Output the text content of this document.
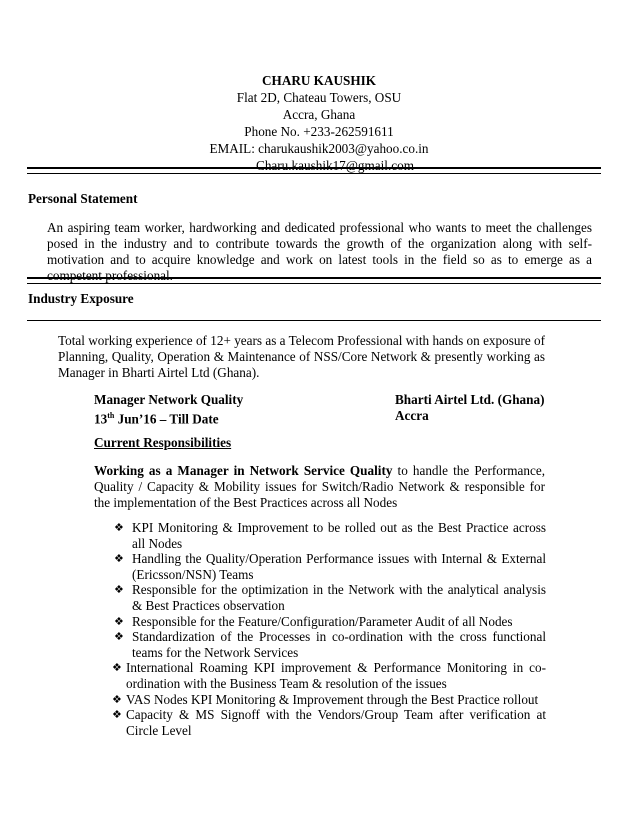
CHARU KAUSHIK
Flat 2D, Chateau Towers, OSU
Accra, Ghana
Phone No. +233-262591611
EMAIL: charukaushik2003@yahoo.co.in
Charu.kaushik17@gmail.com
Personal Statement
An aspiring team worker, hardworking and dedicated professional who wants to meet the challenges posed in the industry and to contribute towards the growth of the organization along with self-motivation and to acquire knowledge and work on latest tools in the field so as to emerge as a competent professional.
Industry Exposure
Total working experience of 12+ years as a Telecom Professional with hands on exposure of Planning, Quality, Operation & Maintenance of NSS/Core Network & presently working as Manager in Bharti Airtel Ltd (Ghana).
Manager Network Quality	Bharti Airtel Ltd. (Ghana)
13th Jun’16 – Till Date	Accra
Current Responsibilities
Working as a Manager in Network Service Quality to handle the Performance, Quality / Capacity & Mobility issues for Switch/Radio Network & responsible for the implementation of the Best Practices across all Nodes
❖ KPI Monitoring & Improvement to be rolled out as the Best Practice across all Nodes
❖ Handling the Quality/Operation Performance issues with Internal & External (Ericsson/NSN) Teams
❖ Responsible for the optimization in the Network with the analytical analysis & Best Practices observation
❖ Responsible for the Feature/Configuration/Parameter Audit of all Nodes
❖ Standardization of the Processes in co-ordination with the cross functional teams for the Network Services
❖ International Roaming KPI improvement & Performance Monitoring in co-ordination with the Business Team & resolution of the issues
❖ VAS Nodes KPI Monitoring & Improvement through the Best Practice rollout
❖ Capacity & MS Signoff with the Vendors/Group Team after verification at Circle Level
